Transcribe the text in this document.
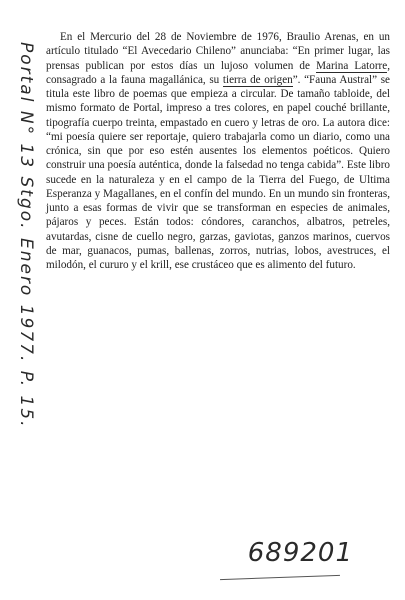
Portal N° 13 Stgo. Enero 1977. P. 15.

En el Mercurio del 28 de Noviembre de 1976, Braulio Arenas, en un artículo titulado “El Avecedario Chileno” anunciaba: “En primer lugar, las prensas publican por estos días un lujoso volumen de Marina Latorre, consagrado a la fauna magallánica, su tierra de origen”. “Fauna Austral” se titula este libro de poemas que empieza a circular. De tamaño tabloide, del mismo formato de Portal, impreso a tres colores, en papel couché brillante, tipografía cuerpo treinta, empastado en cuero y letras de oro. La autora dice: “mi poesía quiere ser reportaje, quiero trabajarla como un diario, como una crónica, sin que por eso estén ausentes los elementos poéticos. Quiero construir una poesía auténtica, donde la falsedad no tenga cabida”. Este libro sucede en la naturaleza y en el campo de la Tierra del Fuego, de Ultima Esperanza y Magallanes, en el confín del mundo. En un mundo sin fronteras, junto a esas formas de vivir que se transforman en especies de animales, pájaros y peces. Están todos: cóndores, caranchos, albatros, petreles, avutardas, cisne de cuello negro, garzas, gaviotas, ganzos marinos, cuervos de mar, guanacos, pumas, ballenas, zorros, nutrias, lobos, avestruces, el milodón, el cururo y el krill, ese crustáceo que es alimento del futuro.

689201
